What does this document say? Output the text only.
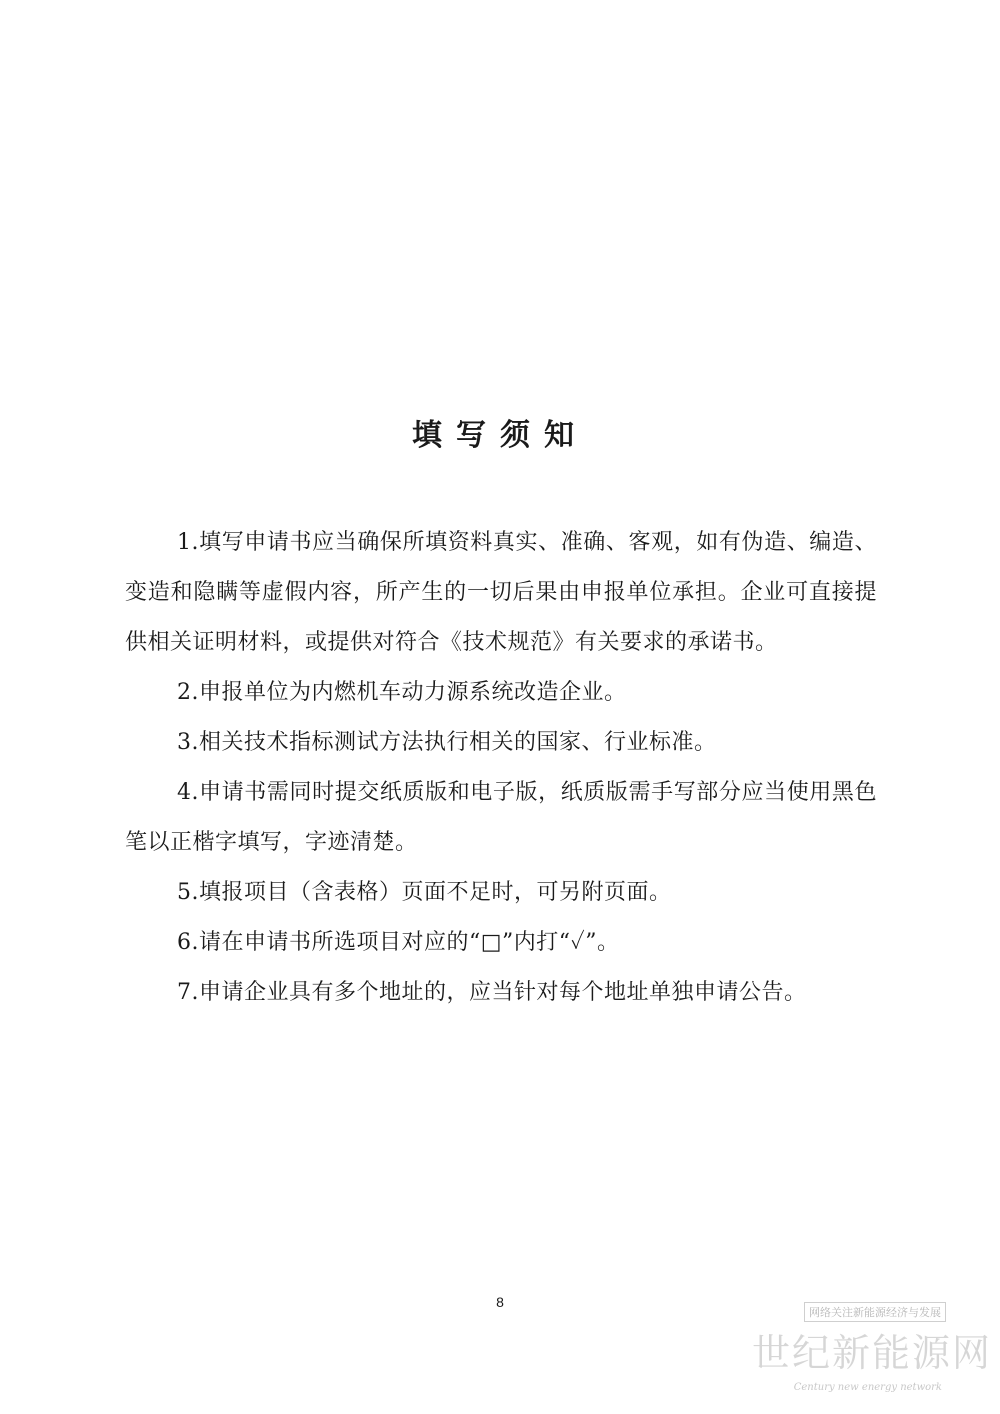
填写须知

1.填写申请书应当确保所填资料真实、准确、客观，如有伪造、编造、变造和隐瞒等虚假内容，所产生的一切后果由申报单位承担。企业可直接提供相关证明材料，或提供对符合《技术规范》有关要求的承诺书。

2.申报单位为内燃机车动力源系统改造企业。

3.相关技术指标测试方法执行相关的国家、行业标准。

4.申请书需同时提交纸质版和电子版，纸质版需手写部分应当使用黑色笔以正楷字填写，字迹清楚。

5.填报项目（含表格）页面不足时，可另附页面。

6.请在申请书所选项目对应的“□”内打“✓”。

7.申请企业具有多个地址的，应当针对每个地址单独申请公告。

8
网络关注新能源经济与发展
世纪新能源网
Century new energy network
